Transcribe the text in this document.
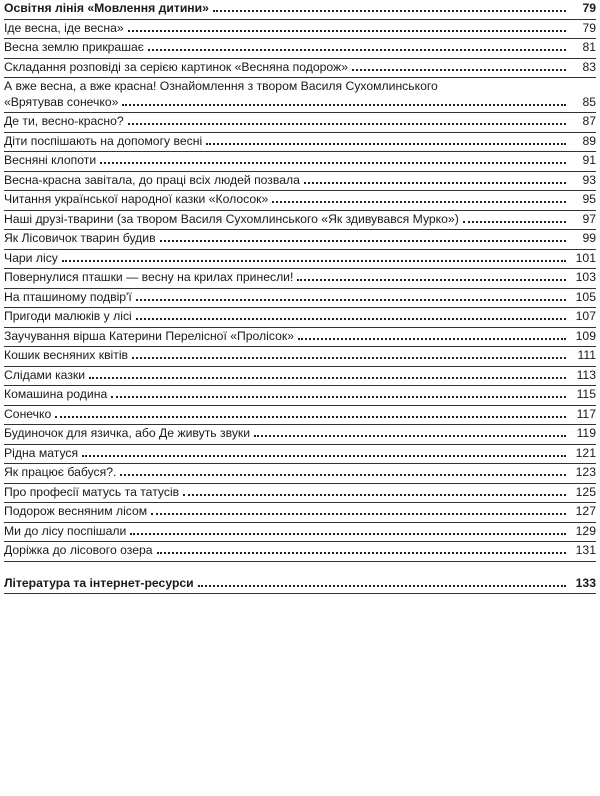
Освітня лінія «Мовлення дитини»	79
Іде весна, іде весна»	79
Весна землю прикрашає	81
Складання розповіді за серією картинок «Весняна подорож»	83
А вже весна, а вже красна! Ознайомлення з твором Василя Сухомлинського
«Врятував сонечко»	85
Де ти, весно-красно?	87
Діти поспішають на допомогу весні	89
Весняні клопоти	91
Весна-красна завітала, до праці всіх людей позвала	93
Читання української народної казки «Колосок»	95
Наші друзі-тварини (за твором Василя Сухомлинського «Як здивувався Мурко»)	97
Як Лісовичок тварин будив	99
Чари лісу	101
Повернулися пташки — весну на крилах принесли!	103
На пташиному подвір'ї	105
Пригоди малюків у лісі	107
Заучування вірша Катерини Перелісної «Пролісок»	109
Кошик весняних квітів	111
Слідами казки	113
Комашина родина	115
Сонечко	117
Будиночок для язичка, або Де живуть звуки	119
Рідна матуся	121
Як працює бабуся?.	123
Про професії матусь та татусів	125
Подорож весняним лісом	127
Ми до лісу поспішали	129
Доріжка до лісового озера	131
Література та інтернет-ресурси	133
